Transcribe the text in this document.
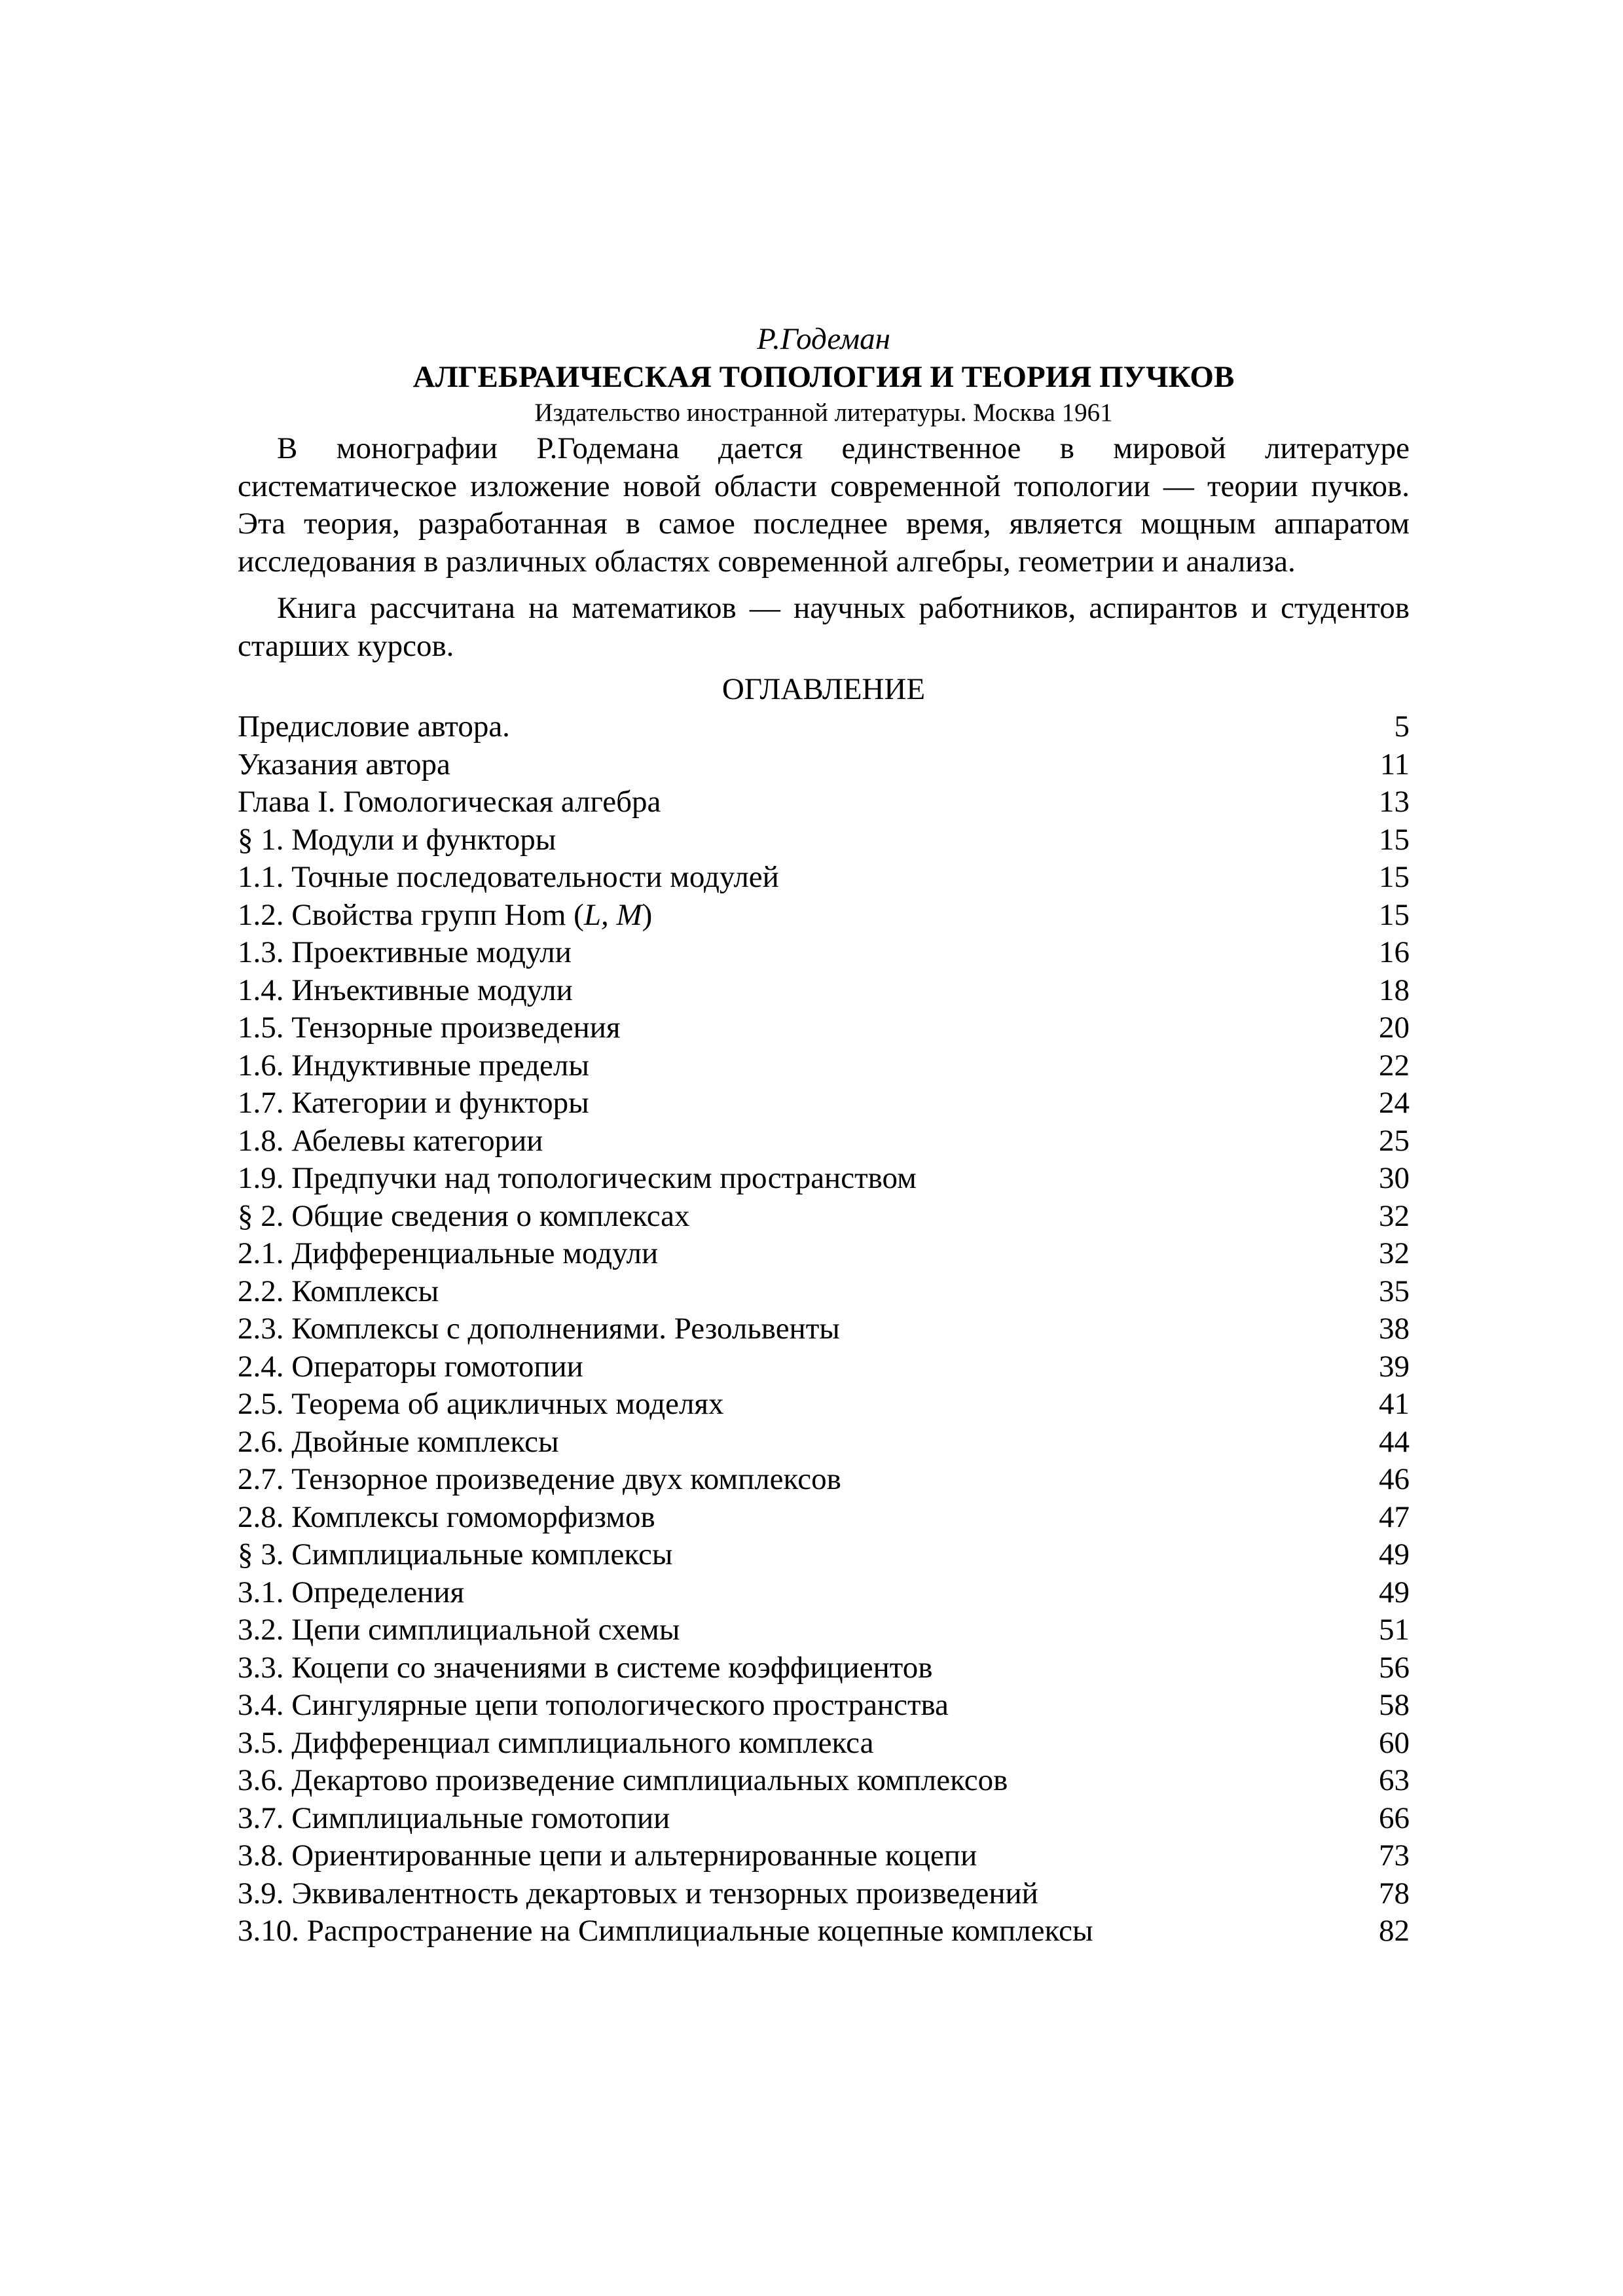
Р.Годеман
АЛГЕБРАИЧЕСКАЯ ТОПОЛОГИЯ И ТЕОРИЯ ПУЧКОВ
Издательство иностранной литературы. Москва 1961

В монографии Р.Годемана дается единственное в мировой литературе систематическое изложение новой области современной топологии — теории пучков. Эта теория, разработанная в самое последнее время, является мощным аппаратом исследования в различных областях современной алгебры, геометрии и анализа.

Книга рассчитана на математиков — научных работников, аспирантов и студентов старших курсов.

ОГЛАВЛЕНИЕ
Предисловие автора.	5
Указания автора	11
Глава I. Гомологическая алгебра	13
§ 1. Модули и функторы	15
1.1. Точные последовательности модулей	15
1.2. Свойства групп Hom (L, M)	15
1.3. Проективные модули	16
1.4. Инъективные модули	18
1.5. Тензорные произведения	20
1.6. Индуктивные пределы	22
1.7. Категории и функторы	24
1.8. Абелевы категории	25
1.9. Предпучки над топологическим пространством	30
§ 2. Общие сведения о комплексах	32
2.1. Дифференциальные модули	32
2.2. Комплексы	35
2.3. Комплексы с дополнениями. Резольвенты	38
2.4. Операторы гомотопии	39
2.5. Теорема об ацикличных моделях	41
2.6. Двойные комплексы	44
2.7. Тензорное произведение двух комплексов	46
2.8. Комплексы гомоморфизмов	47
§ 3. Симплициальные комплексы	49
3.1. Определения	49
3.2. Цепи симплициальной схемы	51
3.3. Коцепи со значениями в системе коэффициентов	56
3.4. Сингулярные цепи топологического пространства	58
3.5. Дифференциал симплициального комплекса	60
3.6. Декартово произведение симплициальных комплексов	63
3.7. Симплициальные гомотопии	66
3.8. Ориентированные цепи и альтернированные коцепи	73
3.9. Эквивалентность декартовых и тензорных произведений	78
3.10. Распространение на Симплициальные коцепные комплексы	82
